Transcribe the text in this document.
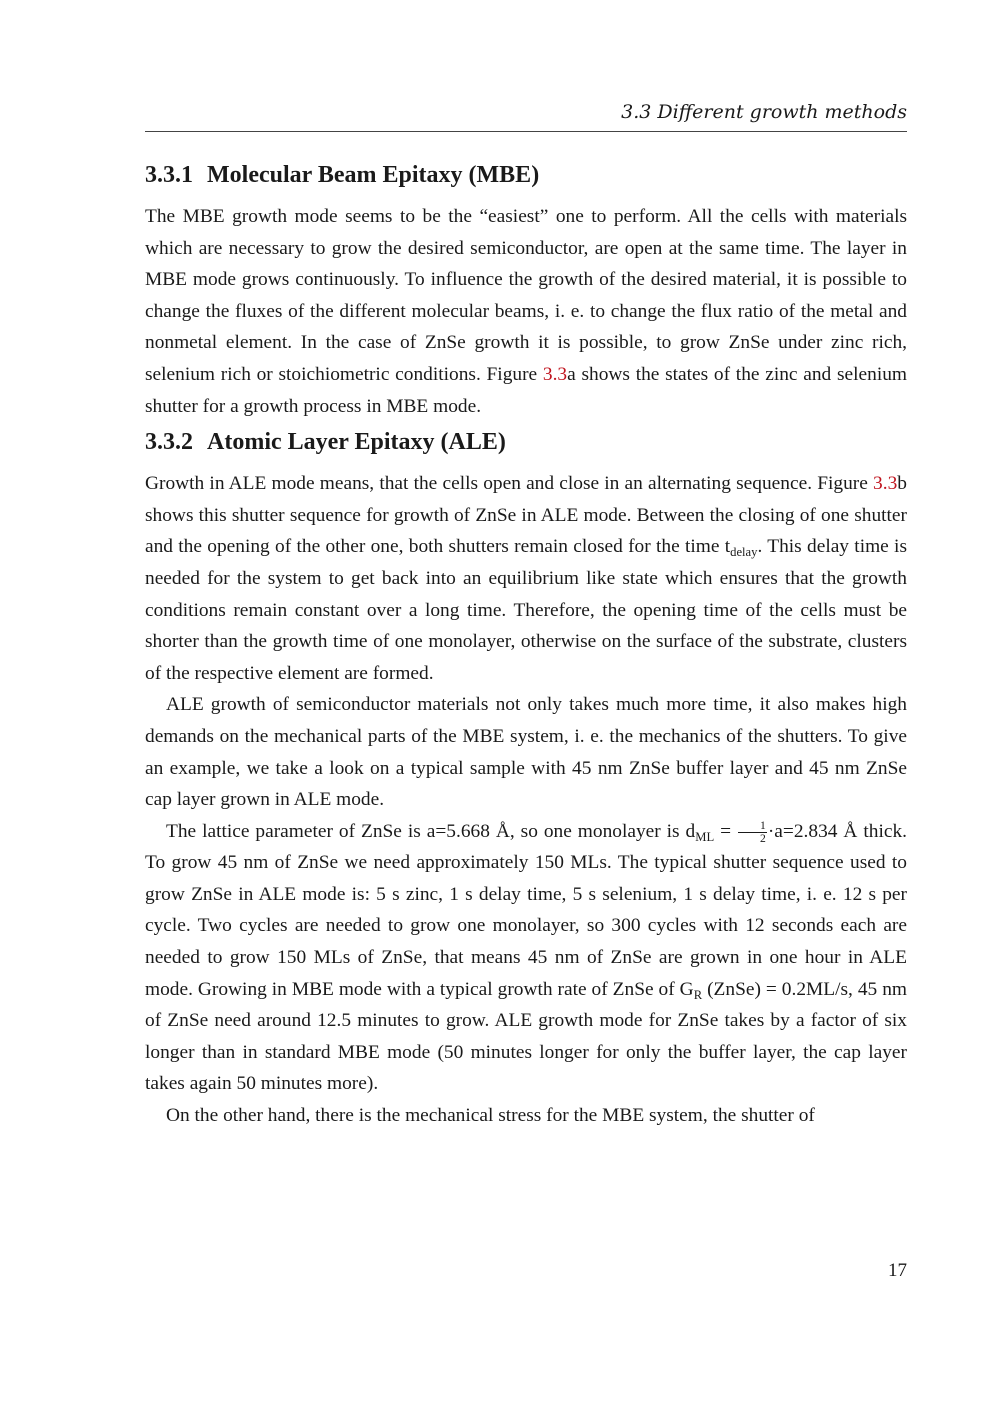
3.3 Different growth methods
3.3.1 Molecular Beam Epitaxy (MBE)

The MBE growth mode seems to be the “easiest” one to perform. All the cells with materials which are necessary to grow the desired semiconductor, are open at the same time. The layer in MBE mode grows continuously. To influence the growth of the desired material, it is possible to change the fluxes of the different molecular beams, i. e. to change the flux ratio of the metal and nonmetal element. In the case of ZnSe growth it is possible, to grow ZnSe under zinc rich, selenium rich or stoichiometric conditions. Figure 3.3a shows the states of the zinc and selenium shutter for a growth process in MBE mode.

3.3.2 Atomic Layer Epitaxy (ALE)

Growth in ALE mode means, that the cells open and close in an alternating sequence. Figure 3.3b shows this shutter sequence for growth of ZnSe in ALE mode. Between the closing of one shutter and the opening of the other one, both shutters remain closed for the time $t_{delay}$. This delay time is needed for the system to get back into an equilibrium like state which ensures that the growth conditions remain constant over a long time. Therefore, the opening time of the cells must be shorter than the growth time of one monolayer, otherwise on the surface of the substrate, clusters of the respective element are formed.

ALE growth of semiconductor materials not only takes much more time, it also makes high demands on the mechanical parts of the MBE system, i. e. the mechanics of the shutters. To give an example, we take a look on a typical sample with 45 nm ZnSe buffer layer and 45 nm ZnSe cap layer grown in ALE mode.

The lattice parameter of ZnSe is a=5.668 Å, so one monolayer is $d_{ML} = \frac{1}{2} \cdot a=2.834$ Å thick. To grow 45 nm of ZnSe we need approximately 150 MLs. The typical shutter sequence used to grow ZnSe in ALE mode is: 5 s zinc, 1 s delay time, 5 s selenium, 1 s delay time, i. e. 12 s per cycle. Two cycles are needed to grow one monolayer, so 300 cycles with 12 seconds each are needed to grow 150 MLs of ZnSe, that means 45 nm of ZnSe are grown in one hour in ALE mode. Growing in MBE mode with a typical growth rate of ZnSe of $G_R$ (ZnSe) = 0.2ML/s, 45 nm of ZnSe need around 12.5 minutes to grow. ALE growth mode for ZnSe takes by a factor of six longer than in standard MBE mode (50 minutes longer for only the buffer layer, the cap layer takes again 50 minutes more).

On the other hand, there is the mechanical stress for the MBE system, the shutter of

17
